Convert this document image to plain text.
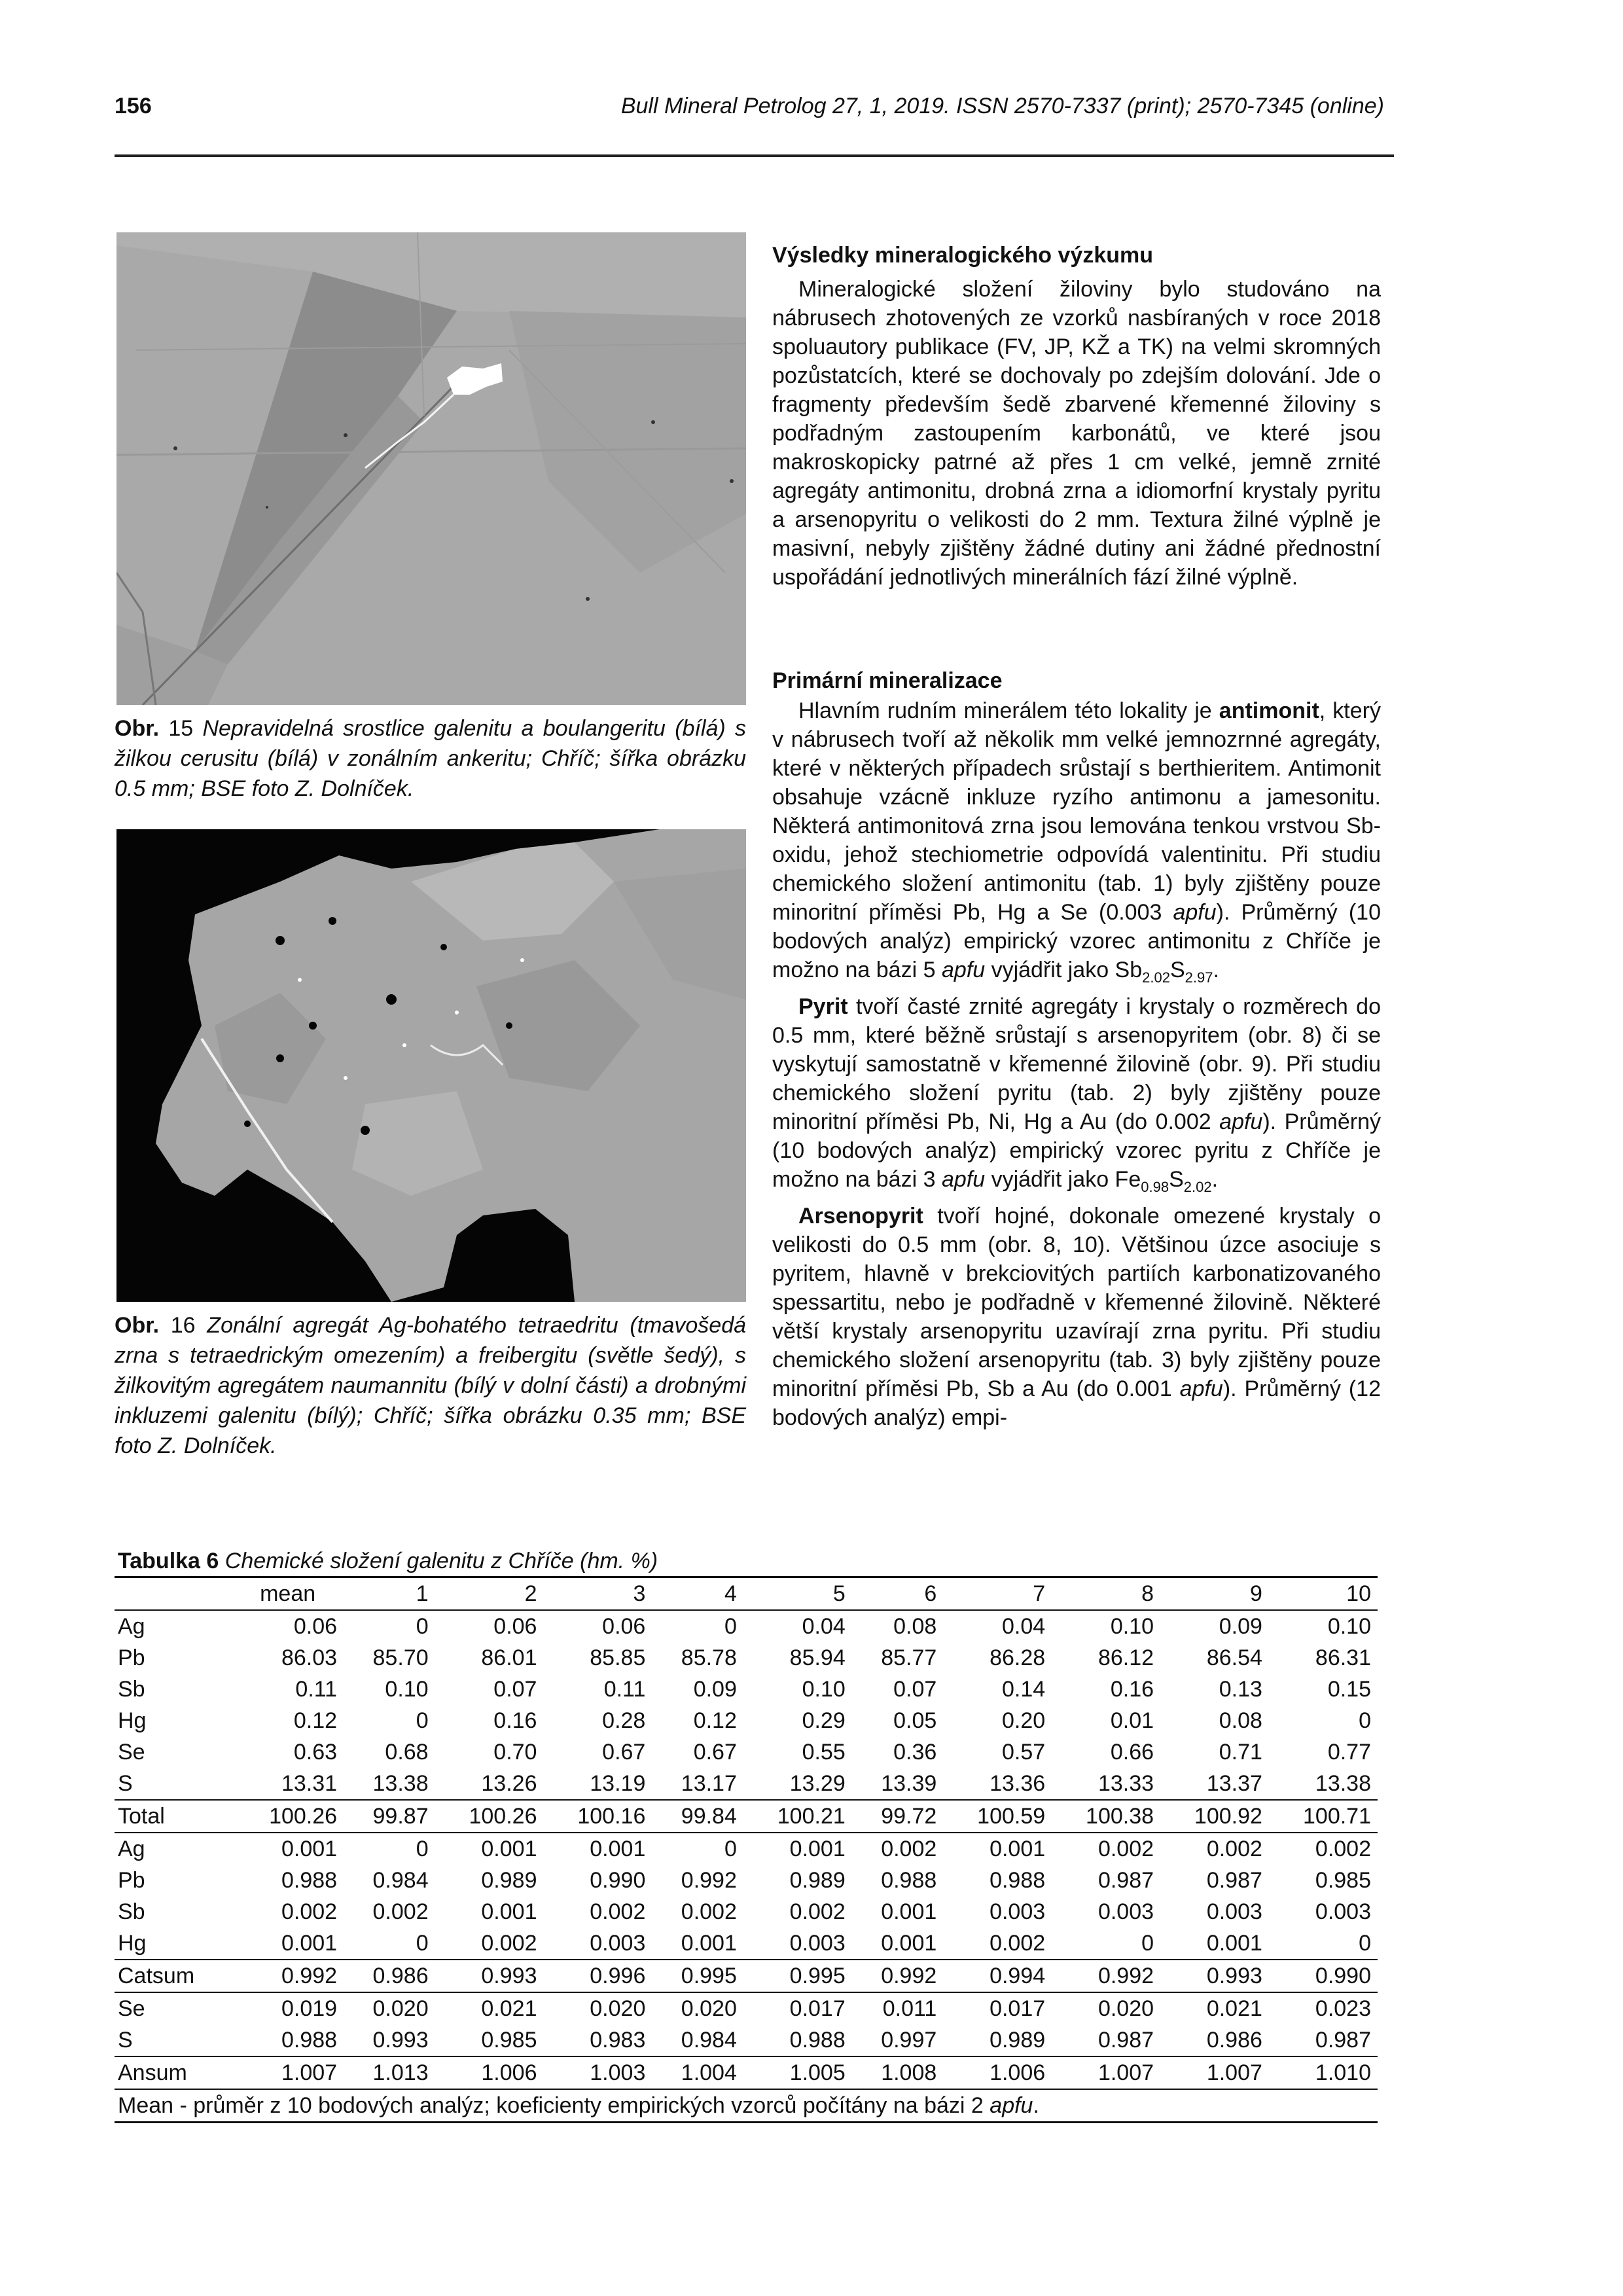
156	Bull Mineral Petrolog 27, 1, 2019. ISSN 2570-7337 (print); 2570-7345 (online)
Obr. 15 Nepravidelná srostlice galenitu a boulangeritu (bílá) s žilkou cerusitu (bílá) v zonálním ankeritu; Chříč; šířka obrázku 0.5 mm; BSE foto Z. Dolníček.
Obr. 16 Zonální agregát Ag-bohatého tetraedritu (tmavošedá zrna s tetraedrickým omezením) a freibergitu (světle šedý), s žilkovitým agregátem naumannitu (bílý v dolní části) a drobnými inkluzemi galenitu (bílý); Chříč; šířka obrázku 0.35 mm; BSE foto Z. Dolníček.
Výsledky mineralogického výzkumu

Mineralogické složení žiloviny bylo studováno na nábrusech zhotovených ze vzorků nasbíraných v roce 2018 spoluautory publikace (FV, JP, KŽ a TK) na velmi skromných pozůstatcích, které se dochovaly po zdejším dolování. Jde o fragmenty především šedě zbarvené křemenné žiloviny s podřadným zastoupením karbonátů, ve které jsou makroskopicky patrné až přes 1 cm velké, jemně zrnité agregáty antimonitu, drobná zrna a idiomorfní krystaly pyritu a arsenopyritu o velikosti do 2 mm. Textura žilné výplně je masivní, nebyly zjištěny žádné dutiny ani žádné přednostní uspořádání jednotlivých minerálních fází žilné výplně.

Primární mineralizace

Hlavním rudním minerálem této lokality je antimonit, který v nábrusech tvoří až několik mm velké jemnozrnné agregáty, které v některých případech srůstají s berthieritem. Antimonit obsahuje vzácně inkluze ryzího antimonu a jamesonitu. Některá antimonitová zrna jsou lemována tenkou vrstvou Sb-oxidu, jehož stechiometrie odpovídá valentinitu. Při studiu chemického složení antimonitu (tab. 1) byly zjištěny pouze minoritní příměsi Pb, Hg a Se (0.003 apfu). Průměrný (10 bodových analýz) empirický vzorec antimonitu z Chříče je možno na bázi 5 apfu vyjádřit jako $Sb_{2.02}S_{2.97}$.

Pyrit tvoří časté zrnité agregáty i krystaly o rozměrech do 0.5 mm, které běžně srůstají s arsenopyritem (obr. 8) či se vyskytují samostatně v křemenné žilovině (obr. 9). Při studiu chemického složení pyritu (tab. 2) byly zjištěny pouze minoritní příměsi Pb, Ni, Hg a Au (do 0.002 apfu). Průměrný (10 bodových analýz) empirický vzorec pyritu z Chříče je možno na bázi 3 apfu vyjádřit jako $Fe_{0.98}S_{2.02}$.

Arsenopyrit tvoří hojné, dokonale omezené krystaly o velikosti do 0.5 mm (obr. 8, 10). Většinou úzce asociuje s pyritem, hlavně v brekciovitých partiích karbonatizovaného spessartitu, nebo je podřadně v křemenné žilovině. Některé větší krystaly arsenopyritu uzavírají zrna pyritu. Při studiu chemického složení arsenopyritu (tab. 3) byly zjištěny pouze minoritní příměsi Pb, Sb a Au (do 0.001 apfu). Průměrný (12 bodových analýz) empi-

Tabulka 6 Chemické složení galenitu z Chříče (hm. %)
	mean	1	2	3	4	5	6	7	8	9	10
Ag	0.06	0	0.06	0.06	0	0.04	0.08	0.04	0.10	0.09	0.10
Pb	86.03	85.70	86.01	85.85	85.78	85.94	85.77	86.28	86.12	86.54	86.31
Sb	0.11	0.10	0.07	0.11	0.09	0.10	0.07	0.14	0.16	0.13	0.15
Hg	0.12	0	0.16	0.28	0.12	0.29	0.05	0.20	0.01	0.08	0
Se	0.63	0.68	0.70	0.67	0.67	0.55	0.36	0.57	0.66	0.71	0.77
S	13.31	13.38	13.26	13.19	13.17	13.29	13.39	13.36	13.33	13.37	13.38
Total	100.26	99.87	100.26	100.16	99.84	100.21	99.72	100.59	100.38	100.92	100.71
Ag	0.001	0	0.001	0.001	0	0.001	0.002	0.001	0.002	0.002	0.002
Pb	0.988	0.984	0.989	0.990	0.992	0.989	0.988	0.988	0.987	0.987	0.985
Sb	0.002	0.002	0.001	0.002	0.002	0.002	0.001	0.003	0.003	0.003	0.003
Hg	0.001	0	0.002	0.003	0.001	0.003	0.001	0.002	0	0.001	0
Catsum	0.992	0.986	0.993	0.996	0.995	0.995	0.992	0.994	0.992	0.993	0.990
Se	0.019	0.020	0.021	0.020	0.020	0.017	0.011	0.017	0.020	0.021	0.023
S	0.988	0.993	0.985	0.983	0.984	0.988	0.997	0.989	0.987	0.986	0.987
Ansum	1.007	1.013	1.006	1.003	1.004	1.005	1.008	1.006	1.007	1.007	1.010
Mean - průměr z 10 bodových analýz; koeficienty empirických vzorců počítány na bázi 2 apfu.											
